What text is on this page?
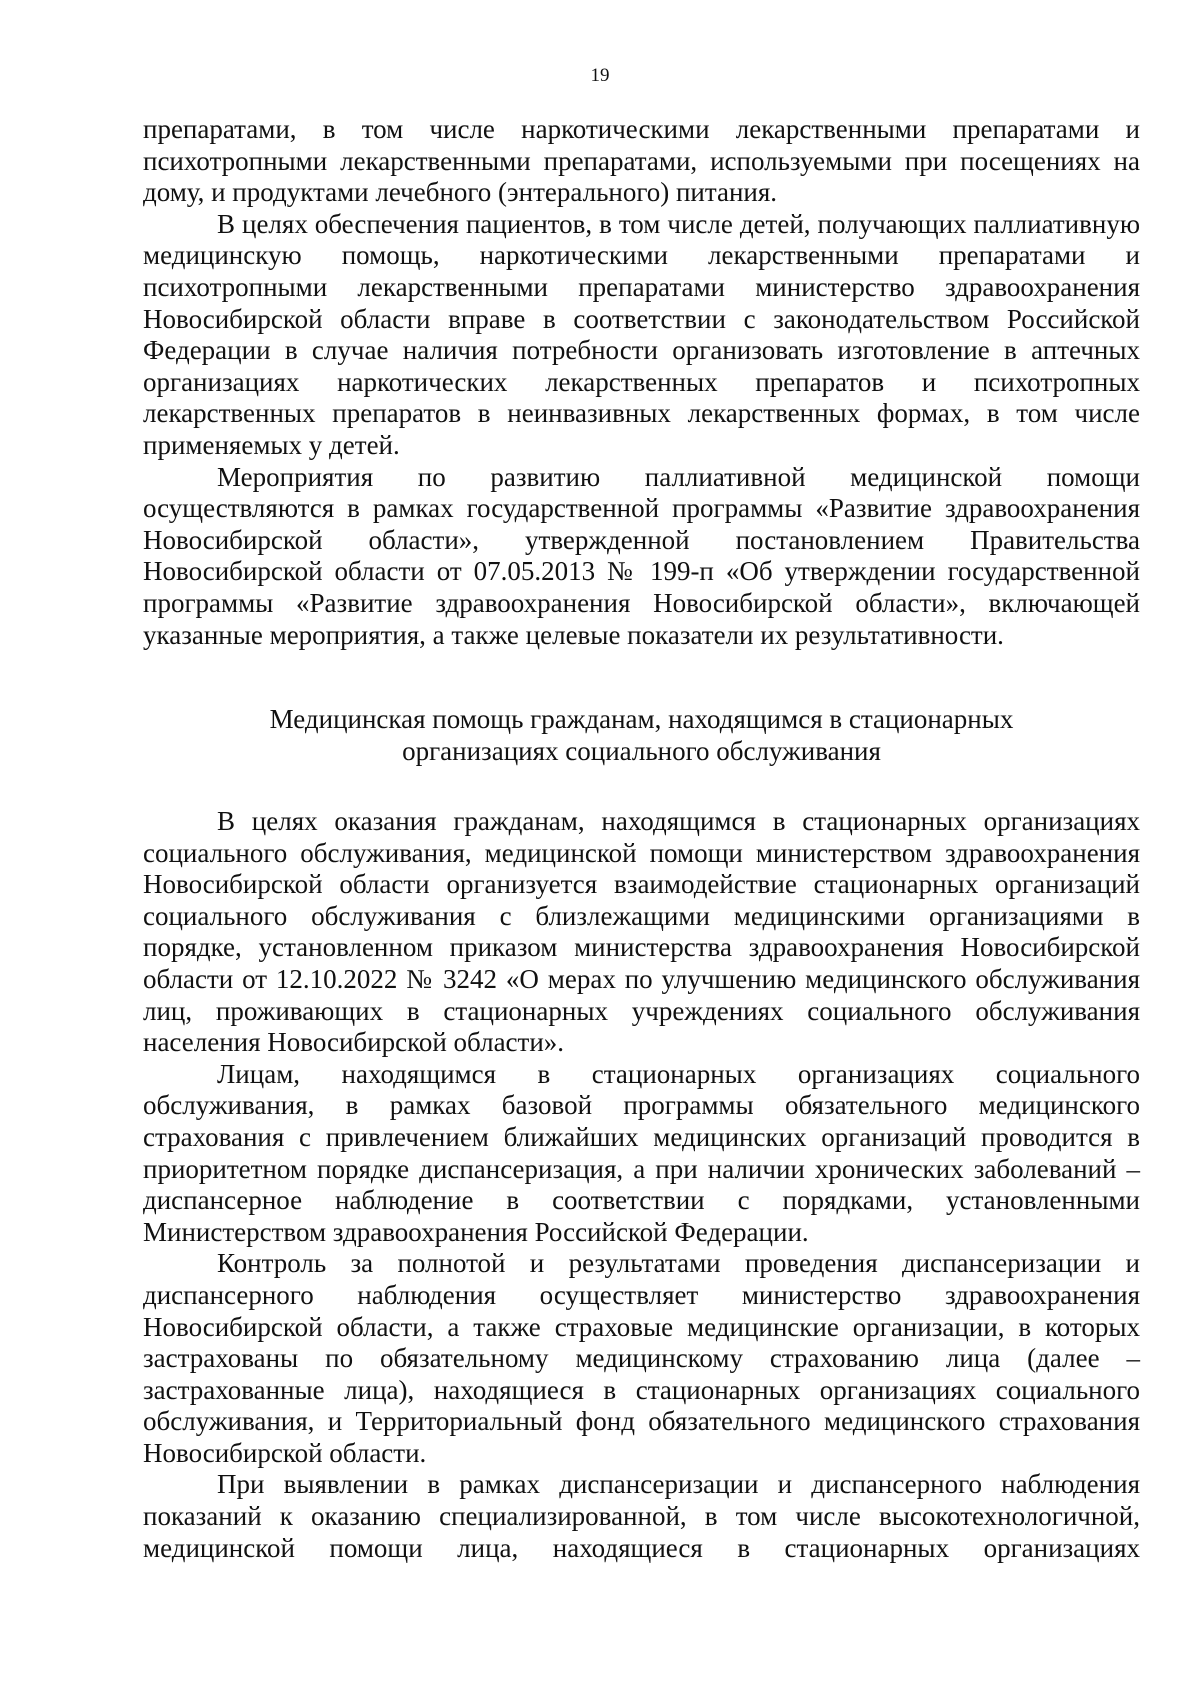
19

препаратами, в том числе наркотическими лекарственными препаратами и психотропными лекарственными препаратами, используемыми при посещениях на дому, и продуктами лечебного (энтерального) питания.

В целях обеспечения пациентов, в том числе детей, получающих паллиативную медицинскую помощь, наркотическими лекарственными препаратами и психотропными лекарственными препаратами министерство здравоохранения Новосибирской области вправе в соответствии с законодательством Российской Федерации в случае наличия потребности организовать изготовление в аптечных организациях наркотических лекарственных препаратов и психотропных лекарственных препаратов в неинвазивных лекарственных формах, в том числе применяемых у детей.

Мероприятия по развитию паллиативной медицинской помощи осуществляются в рамках государственной программы «Развитие здравоохранения Новосибирской области», утвержденной постановлением Правительства Новосибирской области от 07.05.2013 № 199-п «Об утверждении государственной программы «Развитие здравоохранения Новосибирской области», включающей указанные мероприятия, а также целевые показатели их результативности.

Медицинская помощь гражданам, находящимся в стационарных
организациях социального обслуживания

В целях оказания гражданам, находящимся в стационарных организациях социального обслуживания, медицинской помощи министерством здравоохранения Новосибирской области организуется взаимодействие стационарных организаций социального обслуживания с близлежащими медицинскими организациями в порядке, установленном приказом министерства здравоохранения Новосибирской области от 12.10.2022 № 3242 «О мерах по улучшению медицинского обслуживания лиц, проживающих в стационарных учреждениях социального обслуживания населения Новосибирской области».

Лицам, находящимся в стационарных организациях социального обслуживания, в рамках базовой программы обязательного медицинского страхования с привлечением ближайших медицинских организаций проводится в приоритетном порядке диспансеризация, а при наличии хронических заболеваний – диспансерное наблюдение в соответствии с порядками, установленными Министерством здравоохранения Российской Федерации.

Контроль за полнотой и результатами проведения диспансеризации и диспансерного наблюдения осуществляет министерство здравоохранения Новосибирской области, а также страховые медицинские организации, в которых застрахованы по обязательному медицинскому страхованию лица (далее – застрахованные лица), находящиеся в стационарных организациях социального обслуживания, и Территориальный фонд обязательного медицинского страхования Новосибирской области.

При выявлении в рамках диспансеризации и диспансерного наблюдения показаний к оказанию специализированной, в том числе высокотехнологичной, медицинской помощи лица, находящиеся в стационарных организациях
